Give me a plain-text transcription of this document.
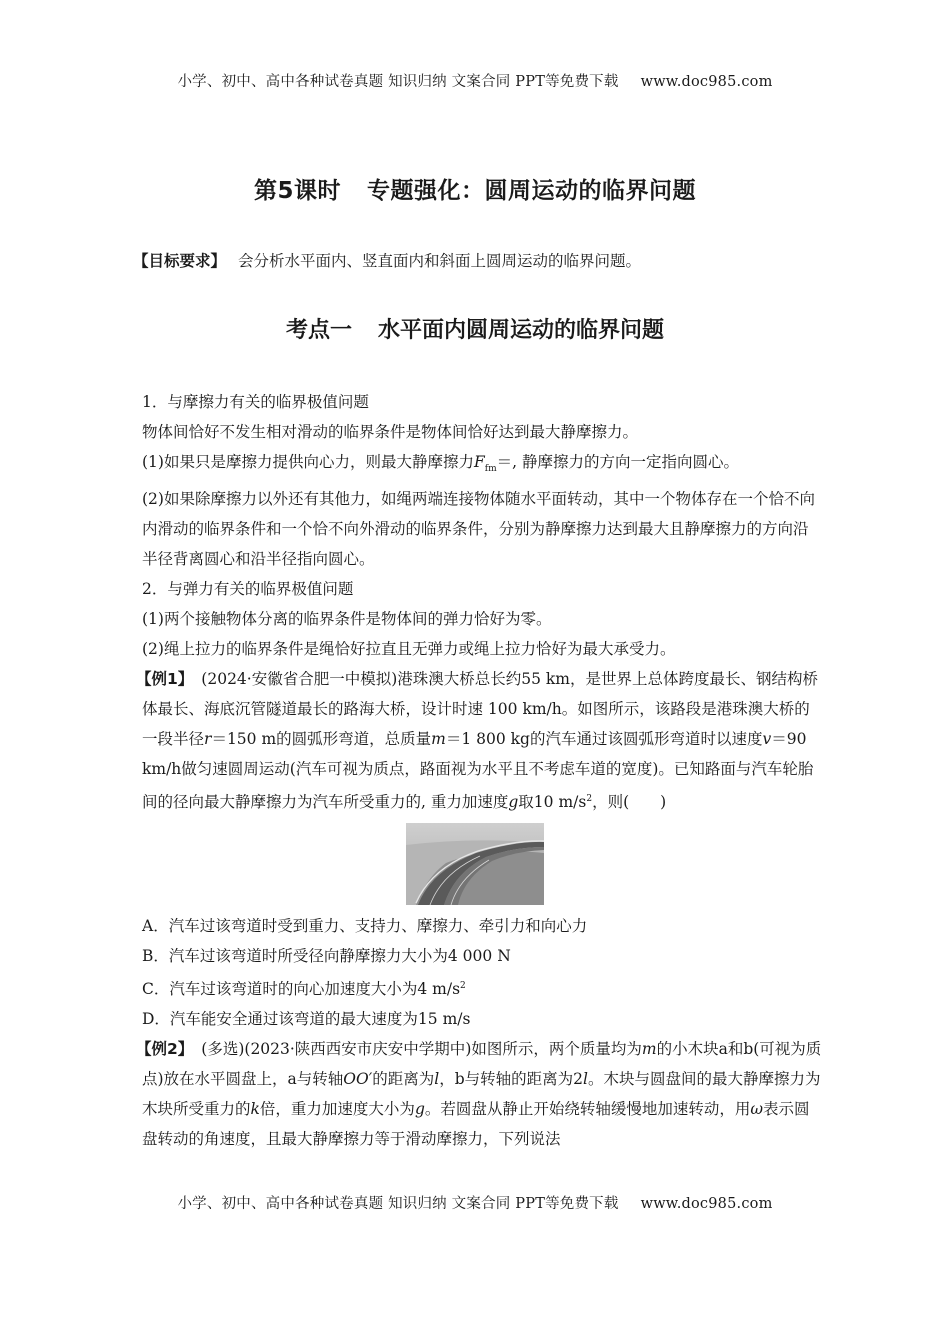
小学、初中、高中各种试卷真题 知识归纳 文案合同 PPT等免费下载 www.doc985.com
第5课时 专题强化：圆周运动的临界问题
【目标要求】 会分析水平面内、竖直面内和斜面上圆周运动的临界问题。
考点一 水平面内圆周运动的临界问题

1．与摩擦力有关的临界极值问题

物体间恰好不发生相对滑动的临界条件是物体间恰好达到最大静摩擦力。

(1)如果只是摩擦力提供向心力，则最大静摩擦力$F_{fm}=$, 静摩擦力的方向一定指向圆心。

(2)如果除摩擦力以外还有其他力，如绳两端连接物体随水平面转动，其中一个物体存在一个恰不向内滑动的临界条件和一个恰不向外滑动的临界条件，分别为静摩擦力达到最大且静摩擦力的方向沿半径背离圆心和沿半径指向圆心。

2．与弹力有关的临界极值问题

(1)两个接触物体分离的临界条件是物体间的弹力恰好为零。

(2)绳上拉力的临界条件是绳恰好拉直且无弹力或绳上拉力恰好为最大承受力。

【例1】 (2024·安徽省合肥一中模拟)港珠澳大桥总长约55 km，是世界上总体跨度最长、钢结构桥体最长、海底沉管隧道最长的路海大桥，设计时速 100 km/h。如图所示，该路段是港珠澳大桥的一段半径r＝150 m的圆弧形弯道，总质量m＝1 800 kg的汽车通过该圆弧形弯道时以速度v＝90 km/h做匀速圆周运动(汽车可视为质点，路面视为水平且不考虑车道的宽度)。已知路面与汽车轮胎间的径向最大静摩擦力为汽车所受重力的, 重力加速度g取10 $m/s^2$，则(　　)

A．汽车过该弯道时受到重力、支持力、摩擦力、牵引力和向心力

B．汽车过该弯道时所受径向静摩擦力大小为4 000 N

C．汽车过该弯道时的向心加速度大小为4 $m/s^2$

D．汽车能安全通过该弯道的最大速度为15 m/s

【例2】 (多选)(2023·陕西西安市庆安中学期中)如图所示，两个质量均为m的小木块a和b(可视为质点)放在水平圆盘上，a与转轴OO′的距离为l，b与转轴的距离为2l。木块与圆盘间的最大静摩擦力为木块所受重力的k倍，重力加速度大小为g。若圆盘从静止开始绕转轴缓慢地加速转动，用ω表示圆盘转动的角速度，且最大静摩擦力等于滑动摩擦力，下列说法

小学、初中、高中各种试卷真题 知识归纳 文案合同 PPT等免费下载 www.doc985.com
